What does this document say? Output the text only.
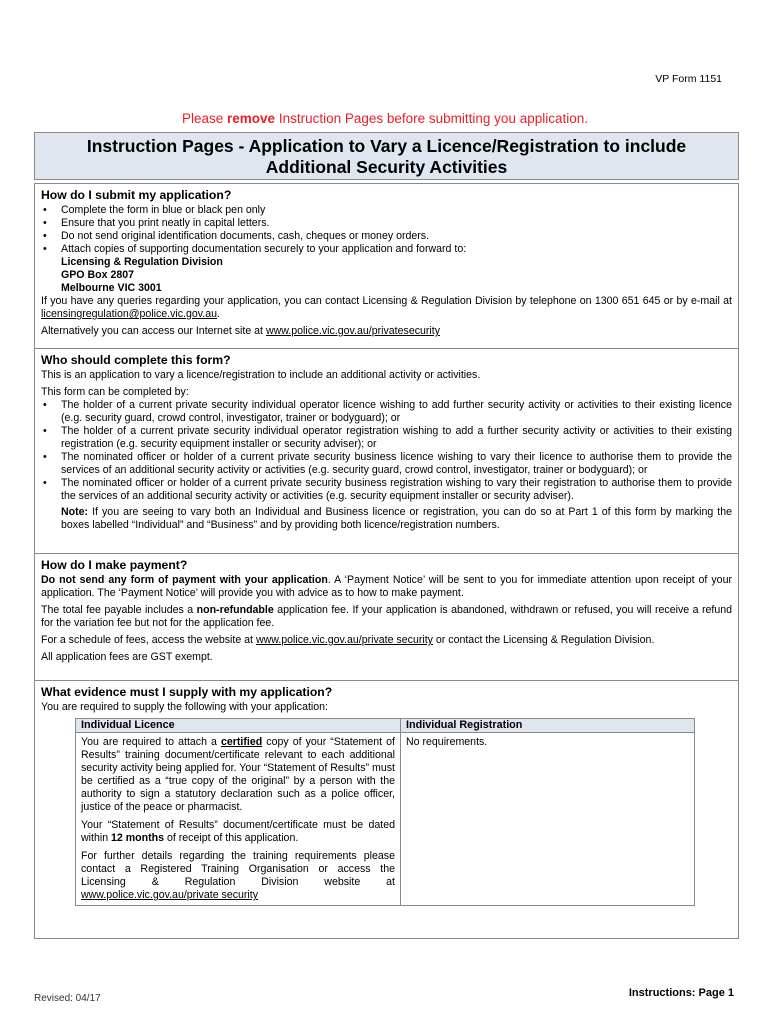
VP Form 1151
Please remove Instruction Pages before submitting you application.
Instruction Pages - Application to Vary a Licence/Registration to include
Additional Security Activities
How do I submit my application?
• Complete the form in blue or black pen only
• Ensure that you print neatly in capital letters.
• Do not send original identification documents, cash, cheques or money orders.
• Attach copies of supporting documentation securely to your application and forward to:
Licensing & Regulation Division
GPO Box 2807
Melbourne VIC 3001

If you have any queries regarding your application, you can contact Licensing & Regulation Division by telephone on 1300 651 645 or by e-mail at licensingregulation@police.vic.gov.au.

Alternatively you can access our Internet site at www.police.vic.gov.au/privatesecurity

Who should complete this form?

This is an application to vary a licence/registration to include an additional activity or activities.

This form can be completed by:

• The holder of a current private security individual operator licence wishing to add further security activity or activities to their existing licence (e.g. security guard, crowd control, investigator, trainer or bodyguard); or
• The holder of a current private security individual operator registration wishing to add a further security activity or activities to their existing registration (e.g. security equipment installer or security adviser); or
• The nominated officer or holder of a current private security business licence wishing to vary their licence to authorise them to provide the services of an additional security activity or activities (e.g. security guard, crowd control, investigator, trainer or bodyguard); or
• The nominated officer or holder of a current private security business registration wishing to vary their registration to authorise them to provide the services of an additional security activity or activities (e.g. security equipment installer or security adviser).

Note: If you are seeing to vary both an Individual and Business licence or registration, you can do so at Part 1 of this form by marking the boxes labelled “Individual” and “Business” and by providing both licence/registration numbers.

How do I make payment?

Do not send any form of payment with your application. A ‘Payment Notice’ will be sent to you for immediate attention upon receipt of your application. The ‘Payment Notice’ will provide you with advice as to how to make payment.

The total fee payable includes a non-refundable application fee. If your application is abandoned, withdrawn or refused, you will receive a refund for the variation fee but not for the application fee.

For a schedule of fees, access the website at www.police.vic.gov.au/private security or contact the Licensing & Regulation Division.

All application fees are GST exempt.

What evidence must I supply with my application?

You are required to supply the following with your application:

Individual Licence	Individual Registration

You are required to attach a certified copy of your “Statement of Results” training document/certificate relevant to each additional security activity being applied for. Your “Statement of Results” must be certified as a “true copy of the original” by a person with the authority to sign a statutory declaration such as a police officer, justice of the peace or pharmacist.

Your “Statement of Results” document/certificate must be dated within 12 months of receipt of this application.

For further details regarding the training requirements please contact a Registered Training Organisation or access the Licensing & Regulation Division website at www.police.vic.gov.au/private security	No requirements.
Revised: 04/17	Instructions: Page 1
